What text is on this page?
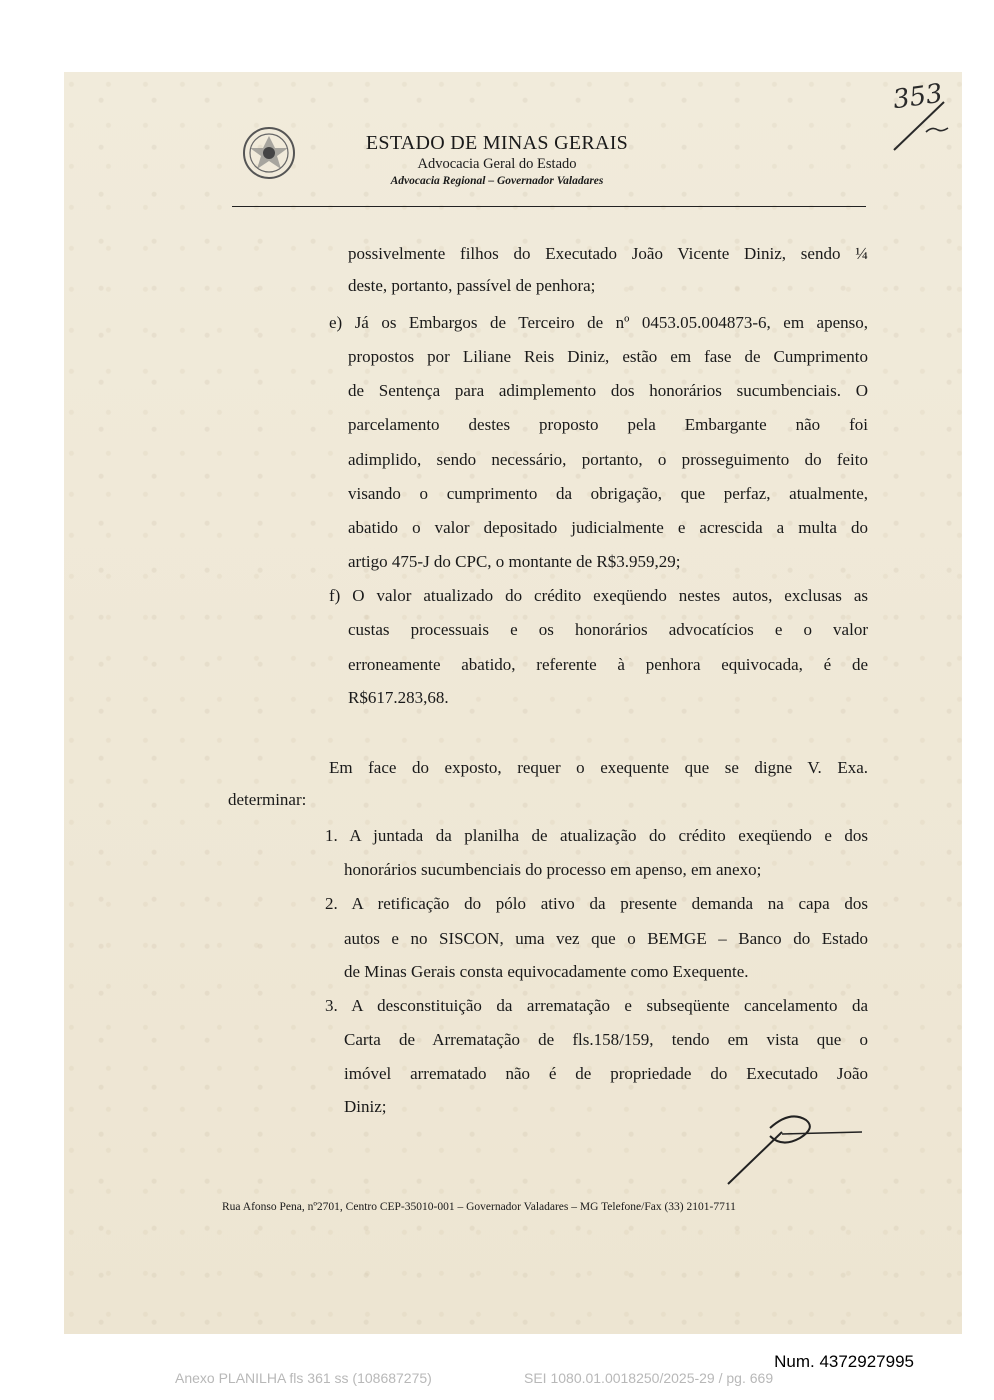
ESTADO DE MINAS GERAIS
Advocacia Geral do Estado
Advocacia Regional – Governador Valadares
353
possivelmente filhos do Executado João Vicente Diniz, sendo ¼
deste, portanto, passível de penhora;
e) Já os Embargos de Terceiro de nº 0453.05.004873-6, em apenso,
propostos por Liliane Reis Diniz, estão em fase de Cumprimento
de Sentença para adimplemento dos honorários sucumbenciais. O
parcelamento destes proposto pela Embargante não foi
adimplido, sendo necessário, portanto, o prosseguimento do feito
visando o cumprimento da obrigação, que perfaz, atualmente,
abatido o valor depositado judicialmente e acrescida a multa do
artigo 475-J do CPC, o montante de R$3.959,29;
f) O valor atualizado do crédito exeqüendo nestes autos, exclusas as
custas processuais e os honorários advocatícios e o valor
erroneamente abatido, referente à penhora equivocada, é de
R$617.283,68.
Em face do exposto, requer o exequente que se digne V. Exa.
determinar:
1. A juntada da planilha de atualização do crédito exeqüendo e dos
honorários sucumbenciais do processo em apenso, em anexo;
2. A retificação do pólo ativo da presente demanda na capa dos
autos e no SISCON, uma vez que o BEMGE – Banco do Estado
de Minas Gerais consta equivocadamente como Exequente.
3. A desconstituição da arrematação e subseqüente cancelamento da
Carta de Arrematação de fls.158/159, tendo em vista que o
imóvel arrematado não é de propriedade do Executado João
Diniz;
Rua Afonso Pena, nº2701, Centro CEP-35010-001 – Governador Valadares – MG Telefone/Fax (33) 2101-7711
Num. 4372927995
Anexo PLANILHA fls 361 ss (108687275)	SEI 1080.01.0018250/2025-29 / pg. 669
